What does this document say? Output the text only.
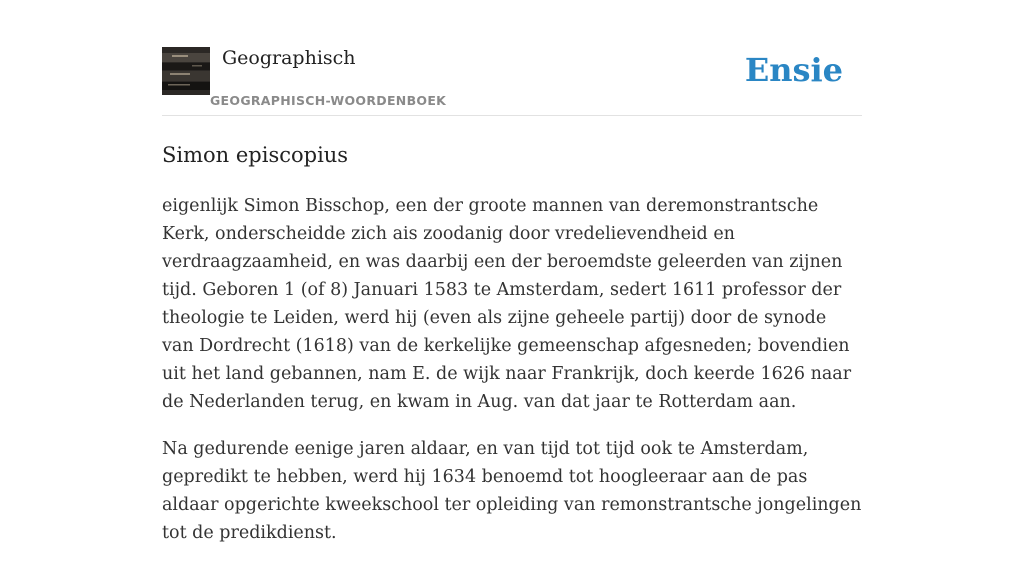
Geographisch
GEOGRAPHISCH-WOORDENBOEK
Ensie
Simon episcopius

eigenlijk Simon Bisschop, een der groote mannen van deremonstrantsche Kerk, onderscheidde zich ais zoodanig door vredelievendheid en verdraagzaamheid, en was daarbij een der beroemdste geleerden van zijnen tijd. Geboren 1 (of 8) Januari 1583 te Amsterdam, sedert 1611 professor der theologie te Leiden, werd hij (even als zijne geheele partij) door de synode van Dordrecht (1618) van de kerkelijke gemeenschap afgesneden; bovendien uit het land gebannen, nam E. de wijk naar Frankrijk, doch keerde 1626 naar de Nederlanden terug, en kwam in Aug. van dat jaar te Rotterdam aan.

Na gedurende eenige jaren aldaar, en van tijd tot tijd ook te Amsterdam, gepredikt te hebben, werd hij 1634 benoemd tot hoogleeraar aan de pas aldaar opgerichte kweekschool ter opleiding van remonstrantsche jongelingen tot de predikdienst.
